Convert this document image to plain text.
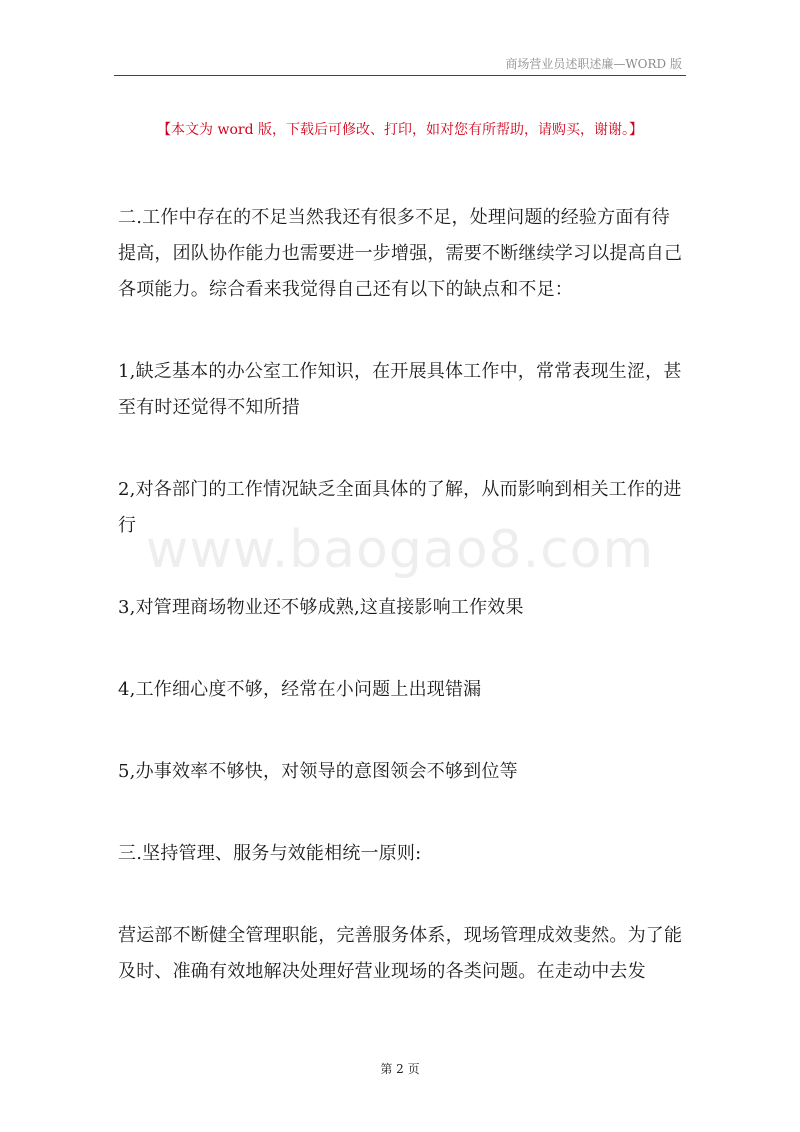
商场营业员述职述廉—WORD 版
【本文为 word 版，下载后可修改、打印，如对您有所帮助，请购买，谢谢。】
www.baogao8.com

二.工作中存在的不足当然我还有很多不足，处理问题的经验方面有待提高，团队协作能力也需要进一步增强，需要不断继续学习以提高自己各项能力。综合看来我觉得自己还有以下的缺点和不足：

1,缺乏基本的办公室工作知识，在开展具体工作中，常常表现生涩，甚至有时还觉得不知所措

2,对各部门的工作情况缺乏全面具体的了解，从而影响到相关工作的进行

3,对管理商场物业还不够成熟,这直接影响工作效果

4,工作细心度不够，经常在小问题上出现错漏

5,办事效率不够快，对领导的意图领会不够到位等

三.坚持管理、服务与效能相统一原则:

营运部不断健全管理职能，完善服务体系，现场管理成效斐然。为了能及时、准确有效地解决处理好营业现场的各类问题。在走动中去发

第 2 页
